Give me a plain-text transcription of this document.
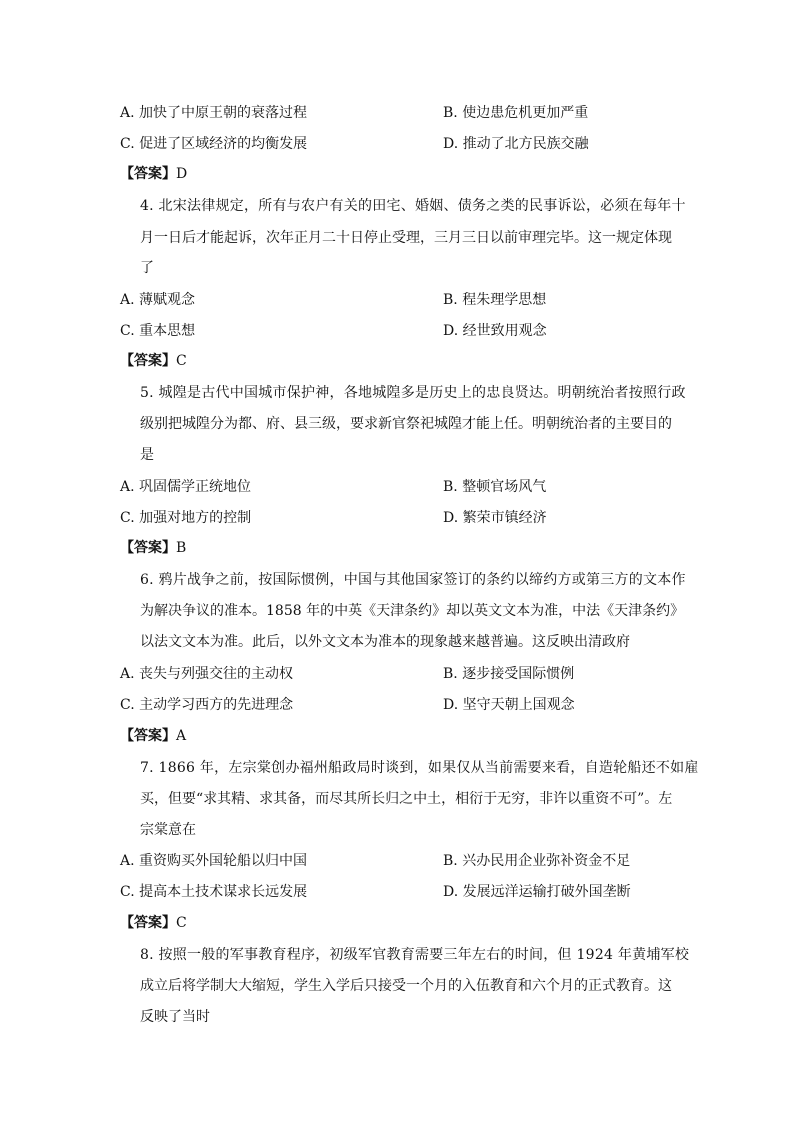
A. 加快了中原王朝的衰落过程	B. 使边患危机更加严重
C. 促进了区域经济的均衡发展	D. 推动了北方民族交融
【答案】D
4. 北宋法律规定，所有与农户有关的田宅、婚姻、债务之类的民事诉讼，必须在每年十
月一日后才能起诉，次年正月二十日停止受理，三月三日以前审理完毕。这一规定体现
了
A. 薄赋观念	B. 程朱理学思想
C. 重本思想	D. 经世致用观念
【答案】C
5. 城隍是古代中国城市保护神，各地城隍多是历史上的忠良贤达。明朝统治者按照行政
级别把城隍分为都、府、县三级，要求新官祭祀城隍才能上任。明朝统治者的主要目的
是
A. 巩固儒学正统地位	B. 整顿官场风气
C. 加强对地方的控制	D. 繁荣市镇经济
【答案】B
6. 鸦片战争之前，按国际惯例，中国与其他国家签订的条约以缔约方或第三方的文本作
为解决争议的准本。1858 年的中英《天津条约》却以英文文本为准，中法《天津条约》
以法文文本为准。此后，以外文文本为准本的现象越来越普遍。这反映出清政府
A. 丧失与列强交往的主动权	B. 逐步接受国际惯例
C. 主动学习西方的先进理念	D. 坚守天朝上国观念
【答案】A
7. 1866 年，左宗棠创办福州船政局时谈到，如果仅从当前需要来看，自造轮船还不如雇
买，但要“求其精、求其备，而尽其所长归之中土，相衍于无穷，非许以重资不可”。左
宗棠意在
A. 重资购买外国轮船以归中国	B. 兴办民用企业弥补资金不足
C. 提高本土技术谋求长远发展	D. 发展远洋运输打破外国垄断
【答案】C
8. 按照一般的军事教育程序，初级军官教育需要三年左右的时间，但 1924 年黄埔军校
成立后将学制大大缩短，学生入学后只接受一个月的入伍教育和六个月的正式教育。这
反映了当时
